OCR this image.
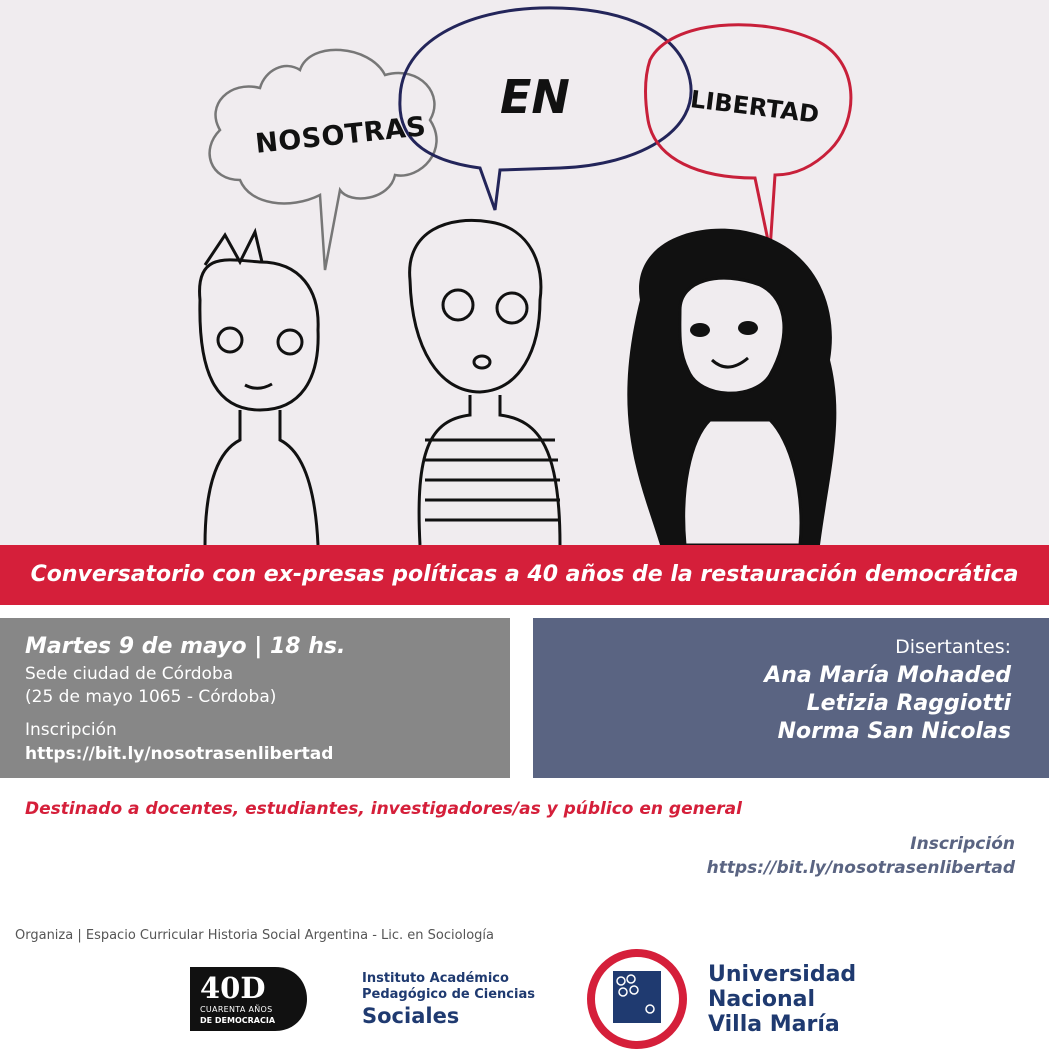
NOSOTRAS
EN	LIBERTAD
Conversatorio con ex-presas políticas a 40 años de la restauración democrática
Martes 9 de mayo | 18 hs.
Sede ciudad de Córdoba
(25 de mayo 1065 - Córdoba)
Inscripción
https://bit.ly/nosotrasenlibertad
Disertantes:
Ana María Mohaded
Letizia Raggiotti
Norma San Nicolas
Destinado a docentes, estudiantes, investigadores/as y público en general
Inscripción
https://bit.ly/nosotrasenlibertad
Organiza | Espacio Curricular Historia Social Argentina - Lic. en Sociología
40D
CUARENTA AÑOS
DE DEMOCRACIA
Instituto Académico
Pedagógico de Ciencias
Sociales
Universidad
Nacional
Villa María
